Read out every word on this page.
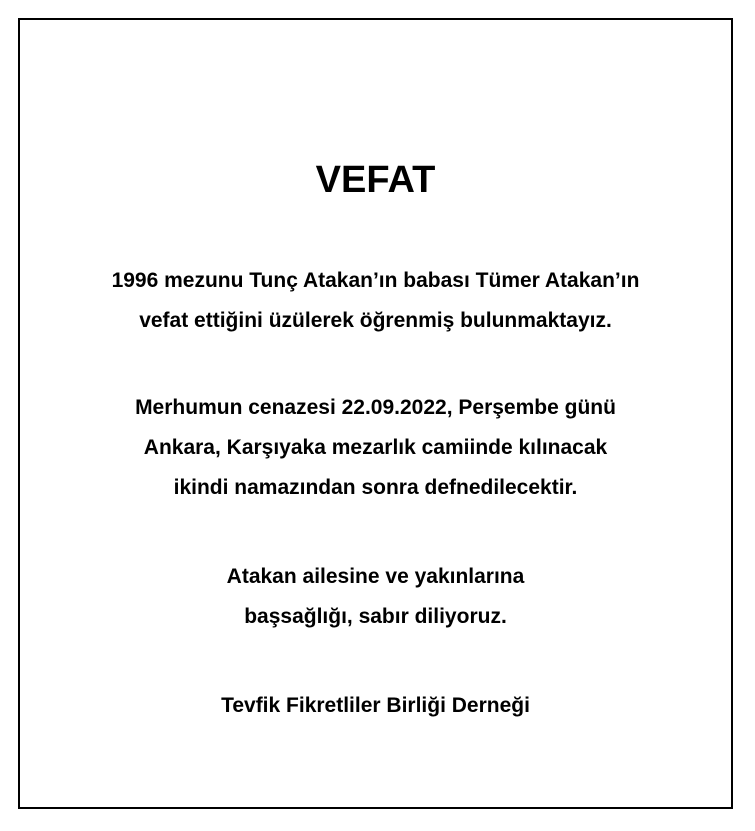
VEFAT

1996 mezunu Tunç Atakan’ın babası Tümer Atakan’ın
vefat ettiğini üzülerek öğrenmiş bulunmaktayız.

Merhumun cenazesi 22.09.2022, Perşembe günü
Ankara, Karşıyaka mezarlık camiinde kılınacak
ikindi namazından sonra defnedilecektir.

Atakan ailesine ve yakınlarına
başsağlığı, sabır diliyoruz.

Tevfik Fikretliler Birliği Derneği
